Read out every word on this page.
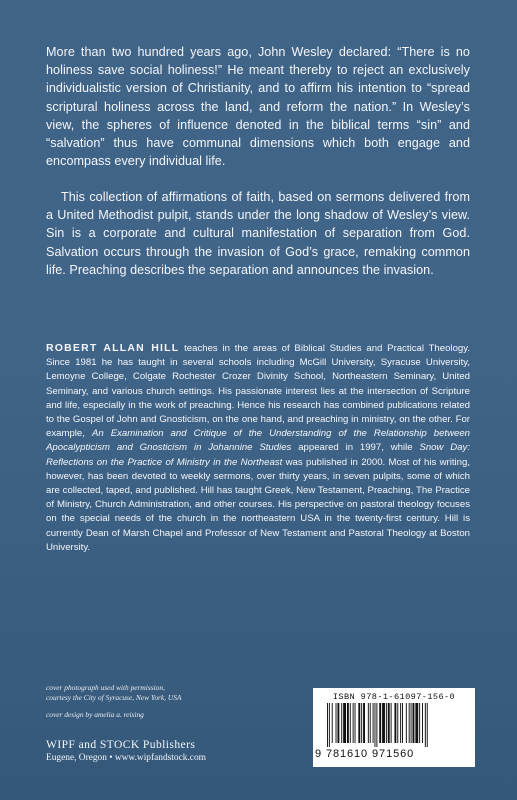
More than two hundred years ago, John Wesley declared: “There is no holiness save social holiness!” He meant thereby to reject an exclusively individualistic version of Christianity, and to affirm his intention to “spread scriptural holiness across the land, and reform the nation.” In Wesley’s view, the spheres of influence denoted in the biblical terms “sin” and “salvation” thus have communal dimensions which both engage and encompass every individual life.

This collection of affirmations of faith, based on sermons delivered from a United Methodist pulpit, stands under the long shadow of Wesley’s view. Sin is a corporate and cultural manifestation of separation from God. Salvation occurs through the invasion of God’s grace, remaking common life. Preaching describes the separation and announces the invasion.

ROBERT ALLAN HILL teaches in the areas of Biblical Studies and Practical Theology. Since 1981 he has taught in several schools including McGill University, Syracuse University, Lemoyne College, Colgate Rochester Crozer Divinity School, Northeastern Seminary, United Seminary, and various church settings. His passionate interest lies at the intersection of Scripture and life, especially in the work of preaching. Hence his research has combined publications related to the Gospel of John and Gnosticism, on the one hand, and preaching in ministry, on the other. For example, An Examination and Critique of the Understanding of the Relationship between Apocalypticism and Gnosticism in Johannine Studies appeared in 1997, while Snow Day: Reflections on the Practice of Ministry in the Northeast was published in 2000. Most of his writing, however, has been devoted to weekly sermons, over thirty years, in seven pulpits, some of which are collected, taped, and published. Hill has taught Greek, New Testament, Preaching, The Practice of Ministry, Church Administration, and other courses. His perspective on pastoral theology focuses on the special needs of the church in the northeastern USA in the twenty-first century. Hill is currently Dean of Marsh Chapel and Professor of New Testament and Pastoral Theology at Boston University.

cover photograph used with permission,
courtesy the City of Syracuse, New York, USA
cover design by amelia a. reising
WIPF and STOCK Publishers
Eugene, Oregon • www.wipfandstock.com
ISBN 978-1-61097-156-0
9 781610 971560
